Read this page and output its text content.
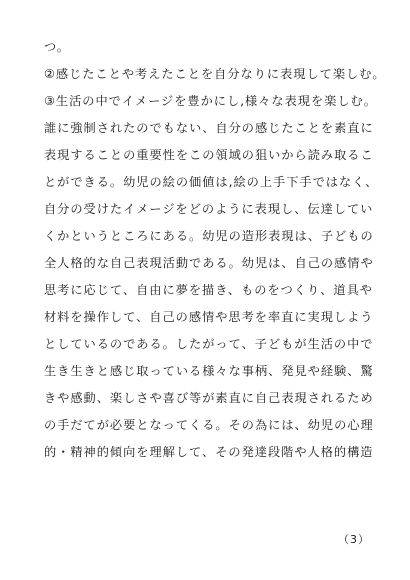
つ。
②感じたことや考えたことを自分なりに表現して楽しむ。
③生活の中でイメージを豊かにし,様々な表現を楽しむ。
誰に強制されたのでもない、自分の感じたことを素直に
表現することの重要性をこの領域の狙いから読み取るこ
とができる。幼児の絵の価値は,絵の上手下手ではなく、
自分の受けたイメージをどのように表現し、伝達してい
くかというところにある。幼児の造形表現は、子どもの
全人格的な自己表現活動である。幼児は、自己の感情や
思考に応じて、自由に夢を描き、ものをつくり、道具や
材料を操作して、自己の感情や思考を率直に実現しよう
としているのである。したがって、子どもが生活の中で
生き生きと感じ取っている様々な事柄、発見や経験、驚
きや感動、楽しさや喜び等が素直に自己表現されるため
の手だてが必要となってくる。その為には、幼児の心理
的・精神的傾向を理解して、その発達段階や人格的構造
（3）
